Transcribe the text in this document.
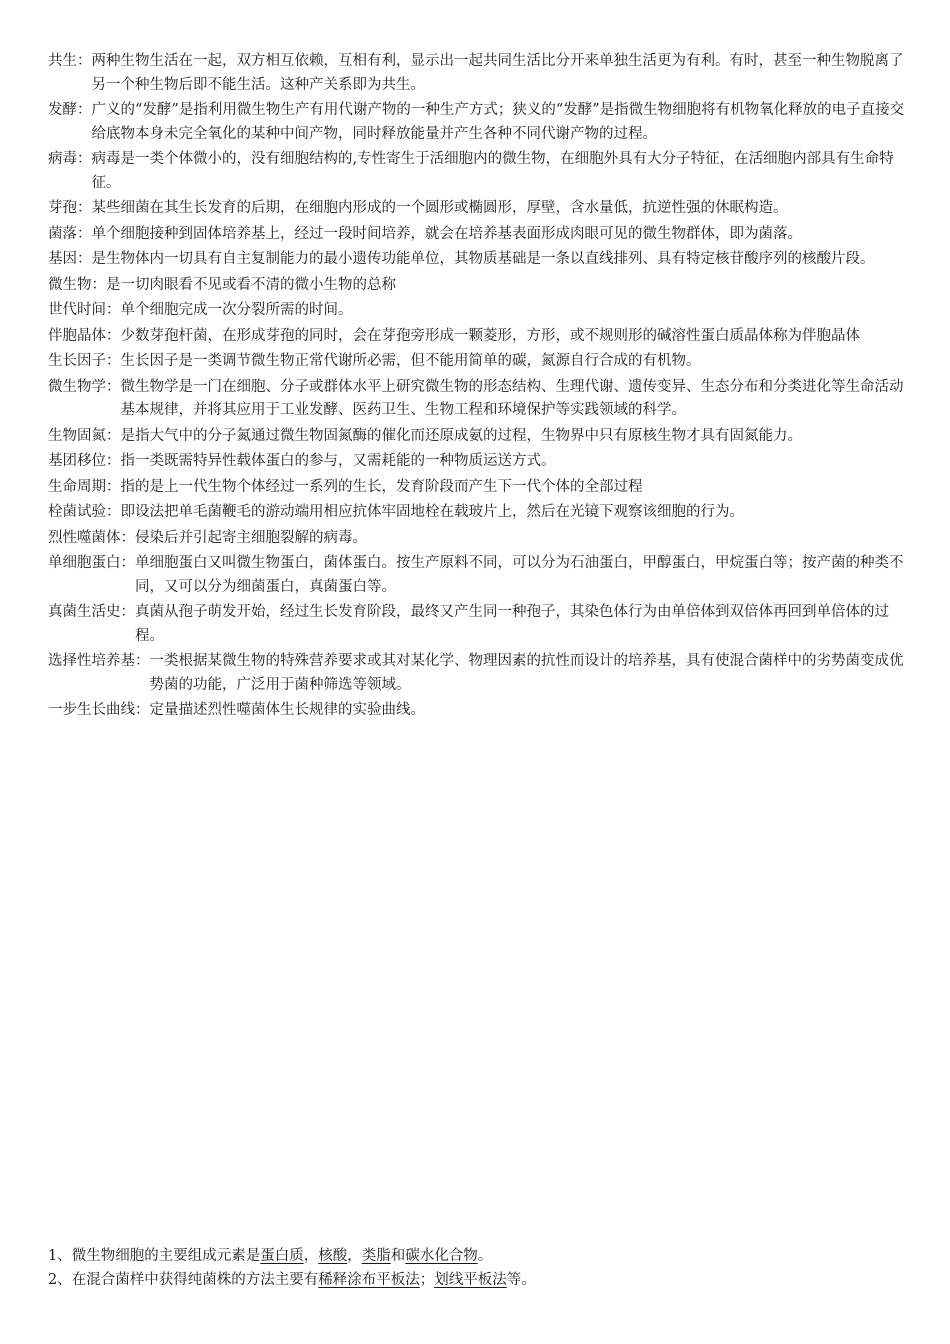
共生： 两种生物生活在一起，双方相互依赖，互相有利，显示出一起共同生活比分开来单独生活更为有利。有时，甚至一种生物脱离了另一个种生物后即不能生活。这种产关系即为共生。
发酵： 广义的“发酵”是指利用微生物生产有用代谢产物的一种生产方式；狭义的“发酵”是指微生物细胞将有机物氧化释放的电子直接交给底物本身未完全氧化的某种中间产物，同时释放能量并产生各种不同代谢产物的过程。
病毒： 病毒是一类个体微小的，没有细胞结构的,专性寄生于活细胞内的微生物，在细胞外具有大分子特征，在活细胞内部具有生命特征。
芽孢： 某些细菌在其生长发育的后期，在细胞内形成的一个圆形或椭圆形，厚壁，含水量低，抗逆性强的休眠构造。
菌落： 单个细胞接种到固体培养基上，经过一段时间培养，就会在培养基表面形成肉眼可见的微生物群体，即为菌落。
基因： 是生物体内一切具有自主复制能力的最小遗传功能单位，其物质基础是一条以直线排列、具有特定核苷酸序列的核酸片段。
微生物： 是一切肉眼看不见或看不清的微小生物的总称
世代时间： 单个细胞完成一次分裂所需的时间。
伴胞晶体： 少数芽孢杆菌，在形成芽孢的同时，会在芽孢旁形成一颗菱形，方形，或不规则形的碱溶性蛋白质晶体称为伴胞晶体
生长因子： 生长因子是一类调节微生物正常代谢所必需，但不能用简单的碳，氮源自行合成的有机物。
微生物学： 微生物学是一门在细胞、分子或群体水平上研究微生物的形态结构、生理代谢、遗传变异、生态分布和分类进化等生命活动基本规律，并将其应用于工业发酵、医药卫生、生物工程和环境保护等实践领域的科学。
生物固氮： 是指大气中的分子氮通过微生物固氮酶的催化而还原成氨的过程，生物界中只有原核生物才具有固氮能力。
基团移位： 指一类既需特异性载体蛋白的参与，又需耗能的一种物质运送方式。
生命周期： 指的是上一代生物个体经过一系列的生长，发育阶段而产生下一代个体的全部过程
栓菌试验： 即设法把单毛菌鞭毛的游动端用相应抗体牢固地栓在载玻片上，然后在光镜下观察该细胞的行为。
烈性噬菌体： 侵染后并引起寄主细胞裂解的病毒。
单细胞蛋白： 单细胞蛋白又叫微生物蛋白，菌体蛋白。按生产原料不同，可以分为石油蛋白，甲醇蛋白，甲烷蛋白等；按产菌的种类不同，又可以分为细菌蛋白，真菌蛋白等。
真菌生活史： 真菌从孢子萌发开始，经过生长发育阶段，最终又产生同一种孢子，其染色体行为由单倍体到双倍体再回到单倍体的过程。
选择性培养基： 一类根据某微生物的特殊营养要求或其对某化学、物理因素的抗性而设计的培养基，具有使混合菌样中的劣势菌变成优势菌的功能，广泛用于菌种筛选等领域。
一步生长曲线： 定量描述烈性噬菌体生长规律的实验曲线。
1、微生物细胞的主要组成元素是蛋白质，核酸，类脂和碳水化合物。
2、在混合菌样中获得纯菌株的方法主要有稀释涂布平板法；划线平板法等。
